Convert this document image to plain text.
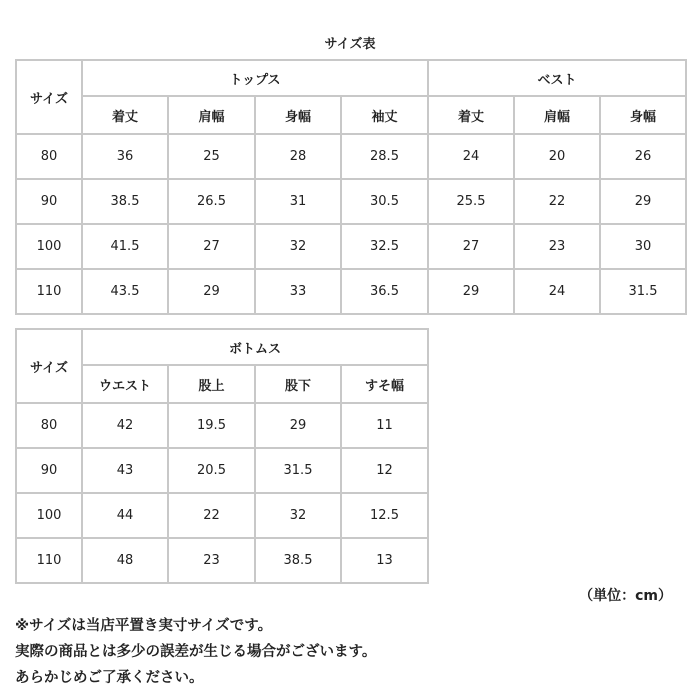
サイズ表
サイズ	トップス				ベスト		
	着丈	肩幅	身幅	袖丈	着丈	肩幅	身幅
80	36	25	28	28.5	24	20	26
90	38.5	26.5	31	30.5	25.5	22	29
100	41.5	27	32	32.5	27	23	30
110	43.5	29	33	36.5	29	24	31.5
サイズ	ボトムス			
	ウエスト	股上	股下	すそ幅
80	42	19.5	29	11
90	43	20.5	31.5	12
100	44	22	32	12.5
110	48	23	38.5	13
（単位：cm）
※サイズは当店平置き実寸サイズです。
実際の商品とは多少の誤差が生じる場合がございます。
あらかじめご了承ください。
